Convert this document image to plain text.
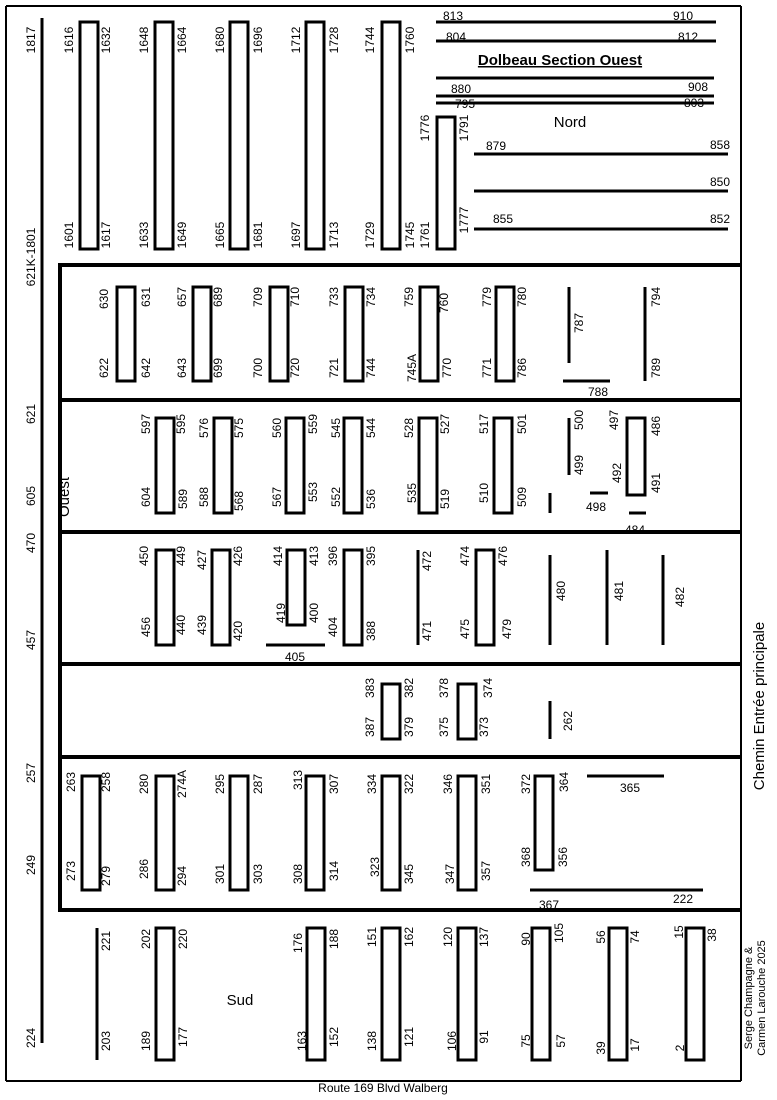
Dolbeau Section Ouest
Nord
Sud
Ouest
Chemin Entrée principale
Route 169 Blvd Walberg
Serge Champagne & Carmen Larouche 2025
1817
621K-1801
621
605
470
457
257
249
224
813	910
804	812
880	908
795	803
879	858
850
855	852
1616 1632
1601 1617
1648 1664
1633 1649
1680 1696
1665 1681
1712 1728
1697 1713
1744 1760
1729 1745
1776 1791
1761
1777
630 631
622 642
657 689
643 699
709 710
700 720
733 734
721 744
759 760
745A 770
779 780
771 786
787
788
794
789
597 595
604 589
576 575
588 568
560 559
567 553
545 544
552 536
528 527
535 519
517 501
510 509
500
499
497 486
492 491
498
484
450 449
456 440
427 426
439 420
414 413
419 400
405
396 395
404 388
472
471
474 476
475 479
480	481	482
383 382
387 379
378	374
375 373	262
263 258
273 279
280 274A
286 294
295 287
301 303
313 307
308 314
334 322
323 345
346 351
347 357
372 364
368 356
365
367	222
221
203
202 220
189 177
176 188
163 152
151 162
138 121
120 137
106 91
90 105
75 57
56 74
39 17
15 38
2
